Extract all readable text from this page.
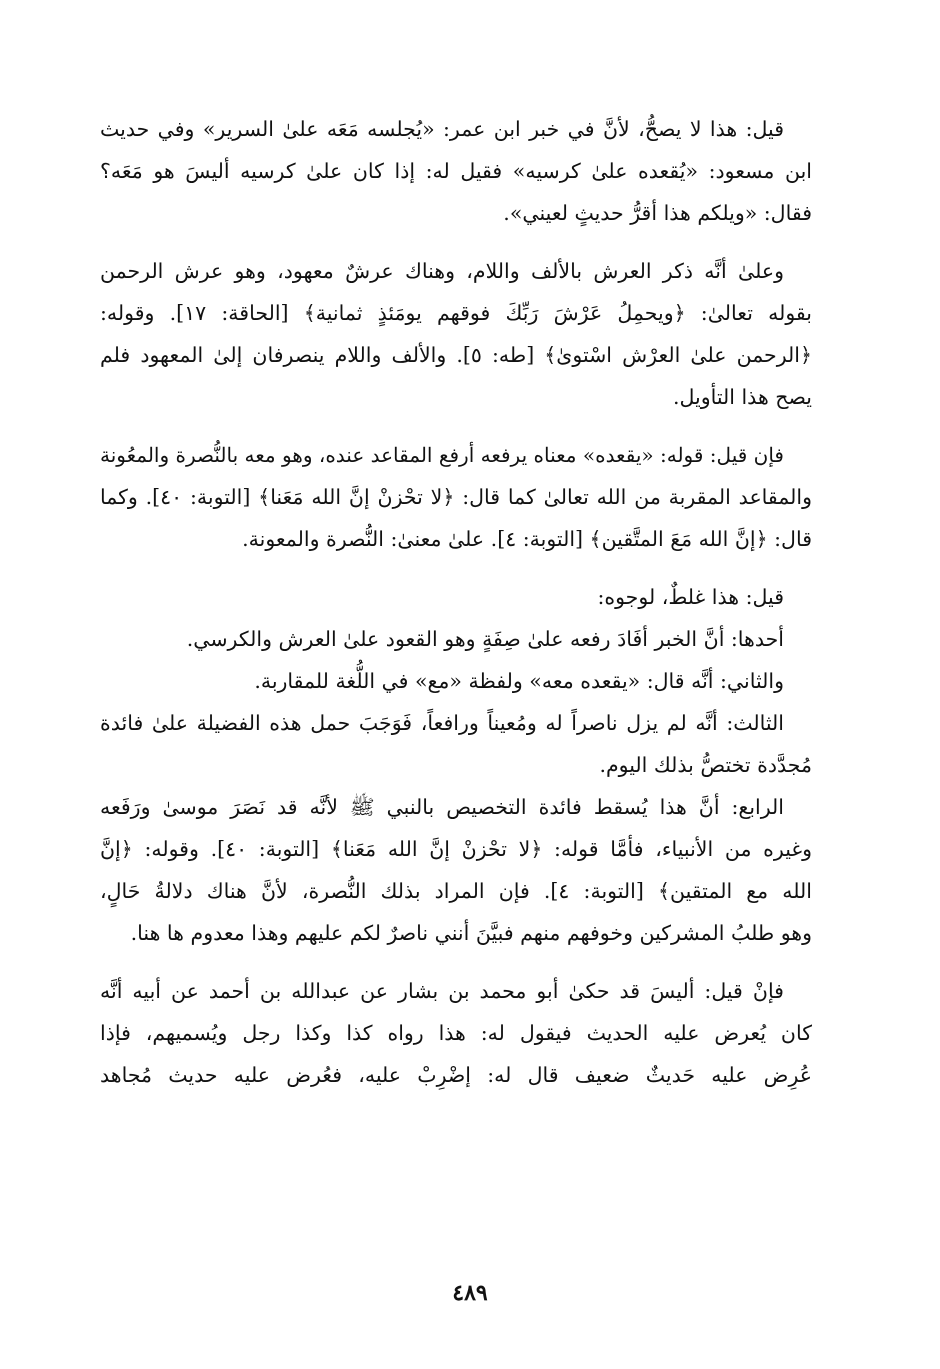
قيل: هذا لا يصحُّ، لأنَّ في خبر ابن عمر: «يُجلسه مَعَه علىٰ السرير» وفي حديث
ابن مسعود: «يُقعده علىٰ كرسيه» فقيل له: إذا كان علىٰ كرسيه أليسَ هو مَعَه؟
فقال: «ويلكم هذا أقرُّ حديثٍ لعيني».
وعلىٰ أنَّه ذكر العرش بالألف واللام، وهناك عرشٌ معهود، وهو عرش الرحمن
بقوله تعالىٰ: ﴿ويحمِلُ عَرْشَ رَبِّكَ فوقهم يومَئذٍ ثمانية﴾ [الحاقة: ١٧]. وقوله:
﴿الرحمن علىٰ العرْش اسْتوىٰ﴾ [طه: ٥]. والألف واللام ينصرفان إلىٰ المعهود فلم
يصح هذا التأويل.
فإن قيل: قوله: «يقعده» معناه يرفعه أرفع المقاعد عنده، وهو معه بالنُّصرة والمعُونة
والمقاعد المقربة من الله تعالىٰ كما قال: ﴿لا تحْزنْ إنَّ الله مَعَنا﴾ [التوبة: ٤٠]. وكما
قال: ﴿إنَّ الله مَعَ المتَّقين﴾ [التوبة: ٤]. علىٰ معنىٰ: النُّصرة والمعونة.
قيل: هذا غلطٌ، لوجوه:
أحدها: أنَّ الخبر أفَادَ رفعه علىٰ صِفَةٍ وهو القعود علىٰ العرش والكرسي.
والثاني: أنَّه قال: «يقعده معه» ولفظة «مع» في اللُّغة للمقاربة.
الثالث: أنَّه لم يزل ناصراً له ومُعيناً ورافعاً، فَوَجَبَ حمل هذه الفضيلة علىٰ فائدة
مُجدَّدة تختصُّ بذلك اليوم.
الرابع: أنَّ هذا يُسقط فائدة التخصيص بالنبي ﷺ لأنَّه قد نَصَرَ موسىٰ ورَفَعه
وغيره من الأنبياء، فأمَّا قوله: ﴿لا تحْزنْ إنَّ الله مَعَنا﴾ [التوبة: ٤٠]. وقوله: ﴿إنَّ
الله مع المتقين﴾ [التوبة: ٤]. فإن المراد بذلك النُّصرة، لأنَّ هناك دلالةُ حَالٍ،
وهو طلبُ المشركين وخوفهم منهم فبيَّنَ أنني ناصرٌ لكم عليهم وهذا معدوم ها هنا.
فإنْ قيل: أليسَ قد حكىٰ أبو محمد بن بشار عن عبدالله بن أحمد عن أبيه أنَّه
كان يُعرض عليه الحديث فيقول له: هذا رواه كذا وكذا رجل ويُسميهم، فإذا
عُرِض عليه حَديثٌ ضعيف قال له: إضْرِبْ عليه، فعُرض عليه حديث مُجاهد
٤٨٩
